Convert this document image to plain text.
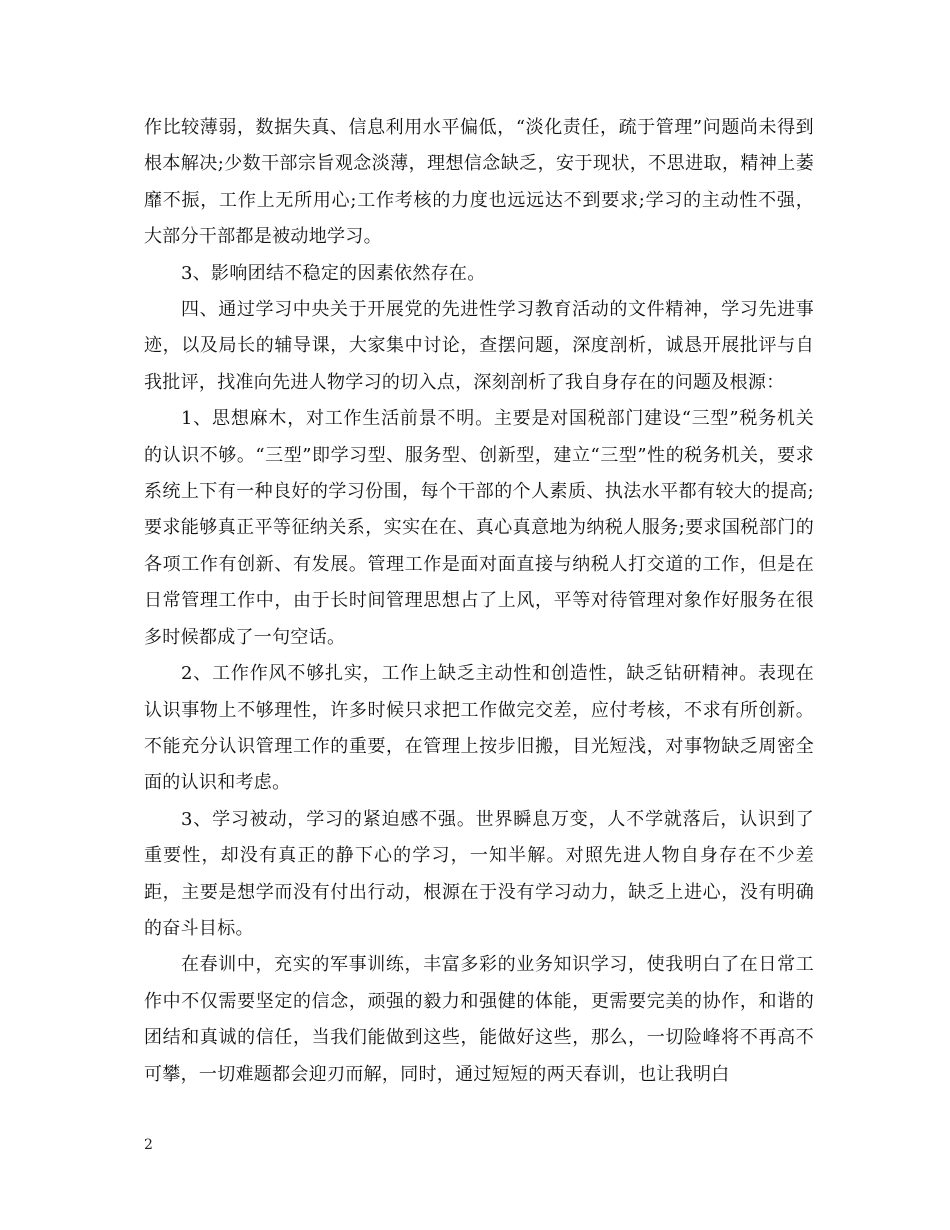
作比较薄弱，数据失真、信息利用水平偏低，“淡化责任，疏于管理”问题尚未得到根本解决;少数干部宗旨观念淡薄，理想信念缺乏，安于现状，不思进取，精神上萎靡不振，工作上无所用心;工作考核的力度也远远达不到要求;学习的主动性不强，大部分干部都是被动地学习。

3、影响团结不稳定的因素依然存在。

四、通过学习中央关于开展党的先进性学习教育活动的文件精神，学习先进事迹，以及局长的辅导课，大家集中讨论，查摆问题，深度剖析，诚恳开展批评与自我批评，找准向先进人物学习的切入点，深刻剖析了我自身存在的问题及根源：

1、思想麻木，对工作生活前景不明。主要是对国税部门建设“三型”税务机关的认识不够。“三型”即学习型、服务型、创新型，建立“三型”性的税务机关，要求系统上下有一种良好的学习份围，每个干部的个人素质、执法水平都有较大的提高;要求能够真正平等征纳关系，实实在在、真心真意地为纳税人服务;要求国税部门的各项工作有创新、有发展。管理工作是面对面直接与纳税人打交道的工作，但是在日常管理工作中，由于长时间管理思想占了上风，平等对待管理对象作好服务在很多时候都成了一句空话。

2、工作作风不够扎实，工作上缺乏主动性和创造性，缺乏钻研精神。表现在认识事物上不够理性，许多时候只求把工作做完交差，应付考核，不求有所创新。不能充分认识管理工作的重要，在管理上按步旧搬，目光短浅，对事物缺乏周密全面的认识和考虑。

3、学习被动，学习的紧迫感不强。世界瞬息万变，人不学就落后，认识到了重要性，却没有真正的静下心的学习，一知半解。对照先进人物自身存在不少差距，主要是想学而没有付出行动，根源在于没有学习动力，缺乏上进心，没有明确的奋斗目标。

在春训中，充实的军事训练，丰富多彩的业务知识学习，使我明白了在日常工作中不仅需要坚定的信念，顽强的毅力和强健的体能，更需要完美的协作，和谐的团结和真诚的信任，当我们能做到这些，能做好这些，那么，一切险峰将不再高不可攀，一切难题都会迎刃而解，同时，通过短短的两天春训，也让我明白

2
